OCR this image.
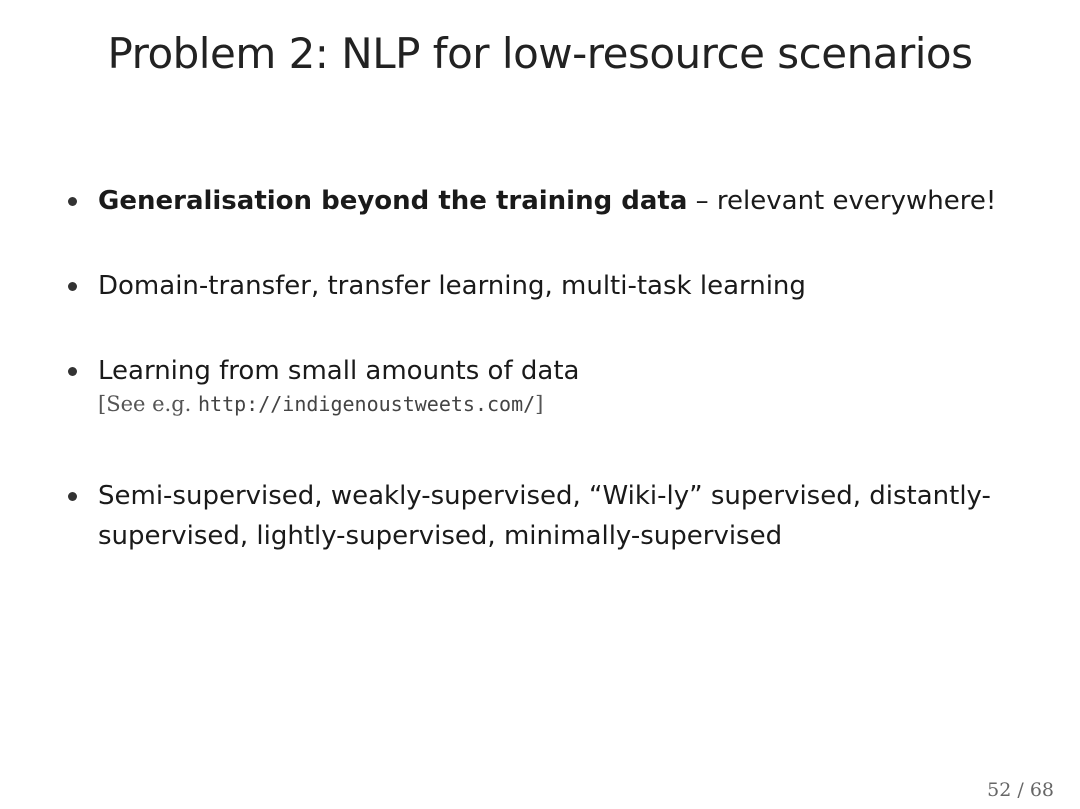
Problem 2: NLP for low-resource scenarios
Generalisation beyond the training data – relevant everywhere!
Domain-transfer, transfer learning, multi-task learning
Learning from small amounts of data
[See e.g. http://indigenoustweets.com/]
Semi-supervised, weakly-supervised, “Wiki-ly” supervised, distantly-supervised, lightly-supervised, minimally-supervised
52 / 68
